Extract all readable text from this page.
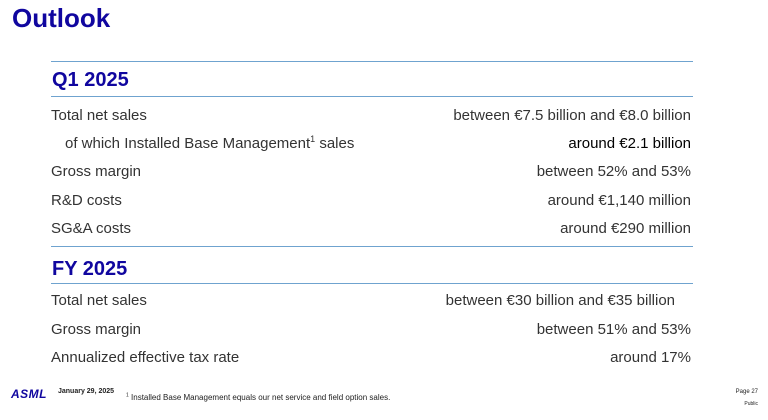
Outlook
Q1 2025
Total net sales	between €7.5 billion and €8.0 billion
of which Installed Base Management$^1$ sales	around €2.1 billion
Gross margin	between 52% and 53%
R&D costs	around €1,140 million
SG&A costs	around €290 million
FY 2025
Total net sales	between €30 billion and €35 billion
Gross margin	between 51% and 53%
Annualized effective tax rate	around 17%
ASML January 29, 2025
$^1$ Installed Base Management equals our net service and field option sales.
Page 27
Public
